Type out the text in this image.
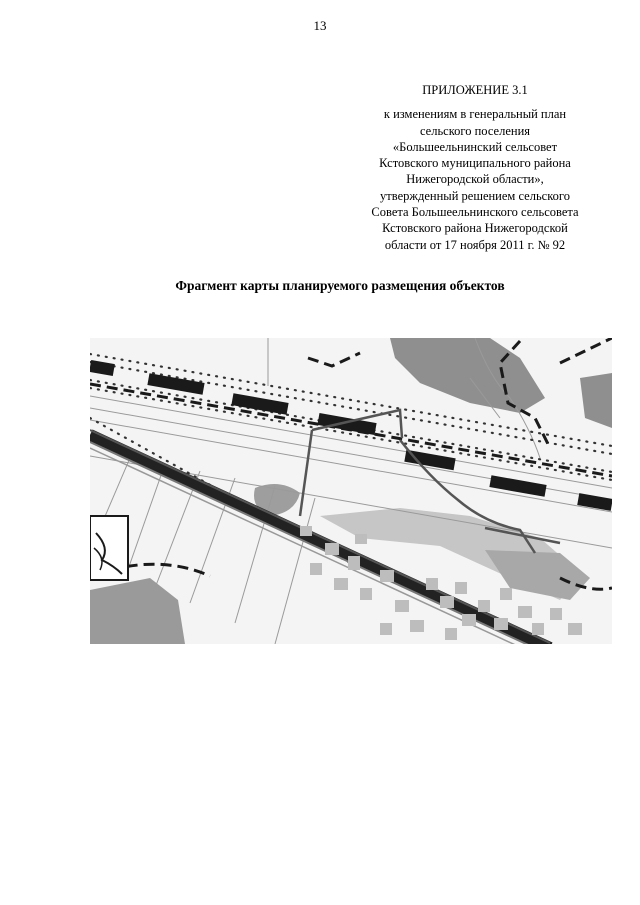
13
ПРИЛОЖЕНИЕ 3.1
к изменениям в генеральный план
сельского поселения
«Большеельнинский сельсовет
Кстовского муниципального района
Нижегородской области»,
утвержденный решением сельского
Совета Большеельнинского сельсовета
Кстовского района Нижегородской
области от 17 ноября 2011 г. № 92
Фрагмент карты планируемого размещения объектов
